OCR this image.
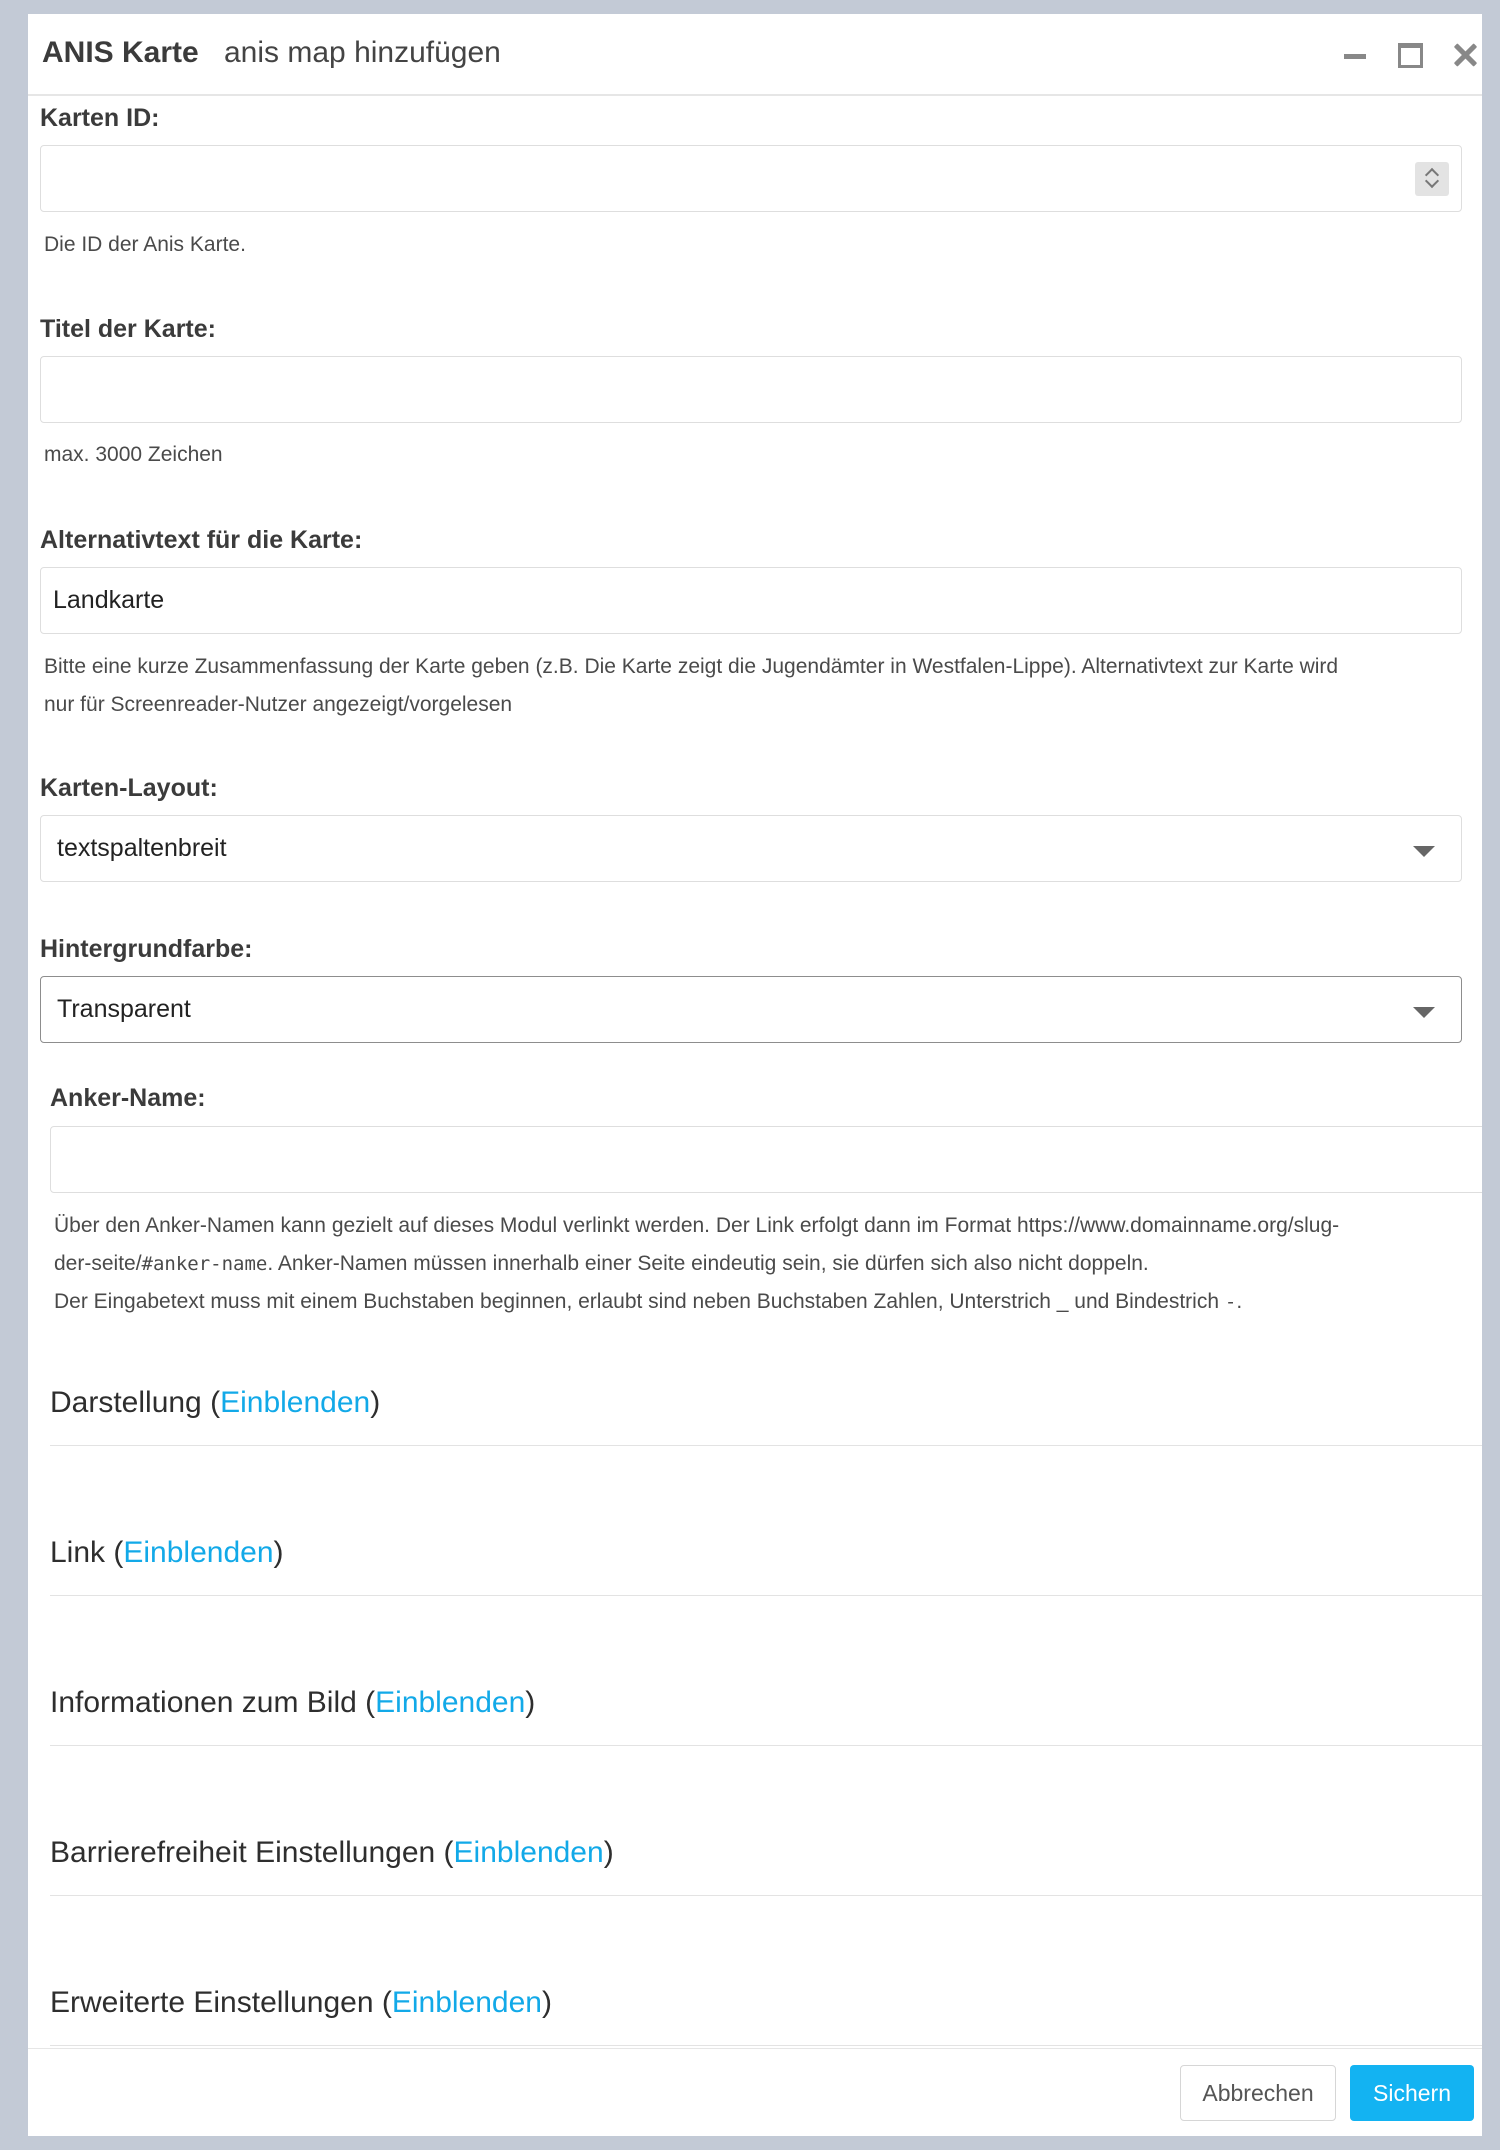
ANIS Karte anis map hinzufügen
Karten ID:
Die ID der Anis Karte.
Titel der Karte:
max. 3000 Zeichen
Alternativtext für die Karte:
Landkarte
Bitte eine kurze Zusammenfassung der Karte geben (z.B. Die Karte zeigt die Jugendämter in Westfalen-Lippe). Alternativtext zur Karte wird
nur für Screenreader-Nutzer angezeigt/vorgelesen
Karten-Layout:
textspaltenbreit
Hintergrundfarbe:
Transparent
Anker-Name:
Über den Anker-Namen kann gezielt auf dieses Modul verlinkt werden. Der Link erfolgt dann im Format https://www.domainname.org/slug-
der-seite/#anker-name. Anker-Namen müssen innerhalb einer Seite eindeutig sein, sie dürfen sich also nicht doppeln.
Der Eingabetext muss mit einem Buchstaben beginnen, erlaubt sind neben Buchstaben Zahlen, Unterstrich _ und Bindestrich -.
Darstellung (Einblenden)
Link (Einblenden)
Informationen zum Bild (Einblenden)
Barrierefreiheit Einstellungen (Einblenden)
Erweiterte Einstellungen (Einblenden)
Abbrechen	Sichern
